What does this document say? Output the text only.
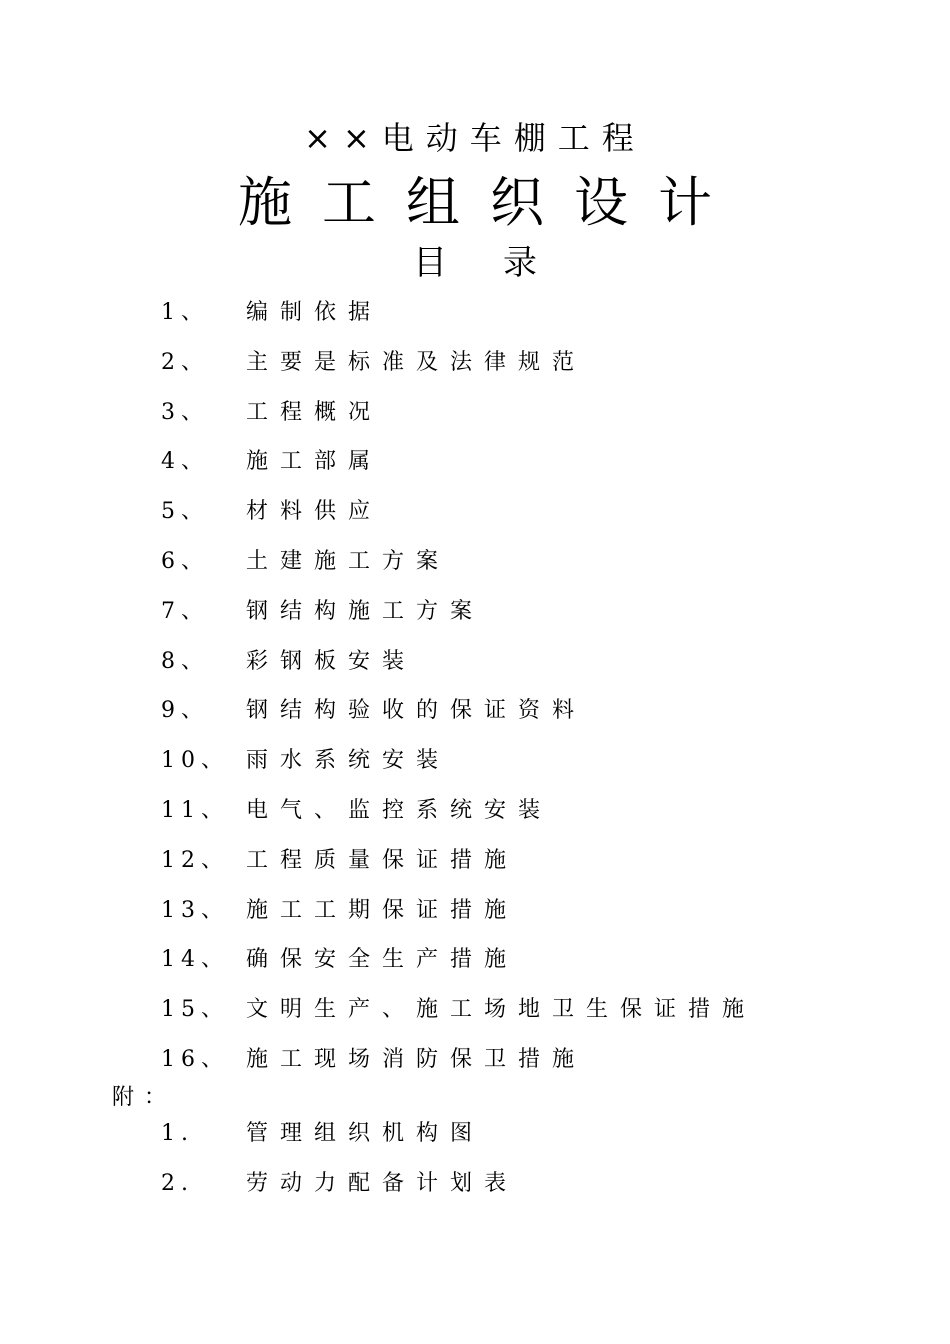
××电动车棚工程
施工组织设计
目录
1、 编制依据
2、 主要是标准及法律规范
3、 工程概况
4、 施工部属
5、 材料供应
6、 土建施工方案
7、 钢结构施工方案
8、 彩钢板安装
9、 钢结构验收的保证资料
10、 雨水系统安装
11、 电气、监控系统安装
12、 工程质量保证措施
13、 施工工期保证措施
14、 确保安全生产措施
15、 文明生产、施工场地卫生保证措施
16、 施工现场消防保卫措施
附：
1. 管理组织机构图
2. 劳动力配备计划表
